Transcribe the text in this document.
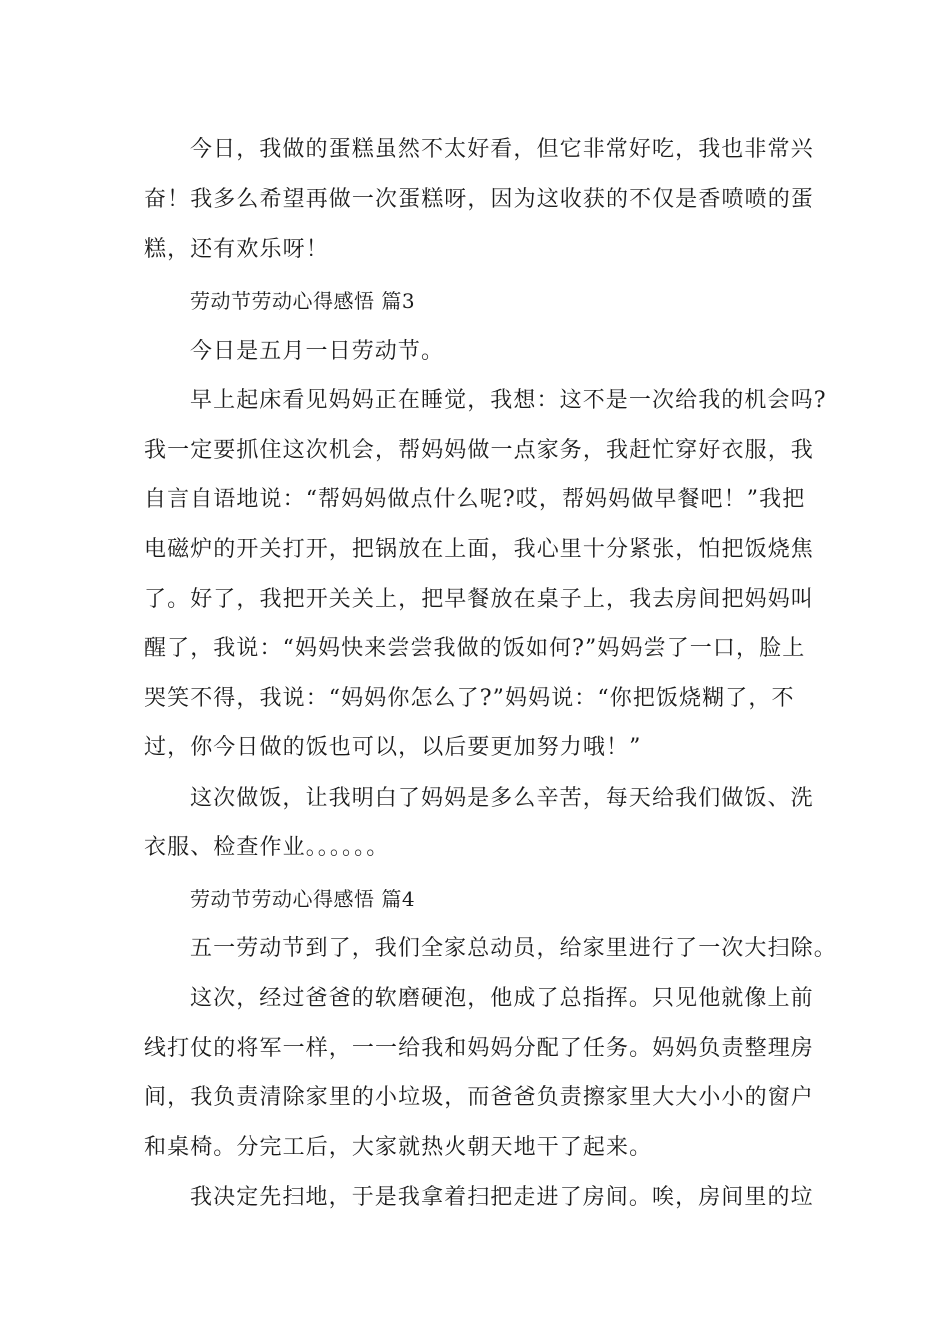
今日，我做的蛋糕虽然不太好看，但它非常好吃，我也非常兴
奋！我多么希望再做一次蛋糕呀，因为这收获的不仅是香喷喷的蛋
糕，还有欢乐呀！
劳动节劳动心得感悟 篇3
今日是五月一日劳动节。
早上起床看见妈妈正在睡觉，我想：这不是一次给我的机会吗?
我一定要抓住这次机会，帮妈妈做一点家务，我赶忙穿好衣服，我
自言自语地说：“帮妈妈做点什么呢?哎，帮妈妈做早餐吧！”我把
电磁炉的开关打开，把锅放在上面，我心里十分紧张，怕把饭烧焦
了。好了，我把开关关上，把早餐放在桌子上，我去房间把妈妈叫
醒了，我说：“妈妈快来尝尝我做的饭如何?”妈妈尝了一口，脸上
哭笑不得，我说：“妈妈你怎么了?”妈妈说：“你把饭烧糊了，不
过，你今日做的饭也可以，以后要更加努力哦！”
这次做饭，让我明白了妈妈是多么辛苦，每天给我们做饭、洗
衣服、检查作业。。。。。。
劳动节劳动心得感悟 篇4
五一劳动节到了，我们全家总动员，给家里进行了一次大扫除。
这次，经过爸爸的软磨硬泡，他成了总指挥。只见他就像上前
线打仗的将军一样，一一给我和妈妈分配了任务。妈妈负责整理房
间，我负责清除家里的小垃圾，而爸爸负责擦家里大大小小的窗户
和桌椅。分完工后，大家就热火朝天地干了起来。
我决定先扫地，于是我拿着扫把走进了房间。唉，房间里的垃
